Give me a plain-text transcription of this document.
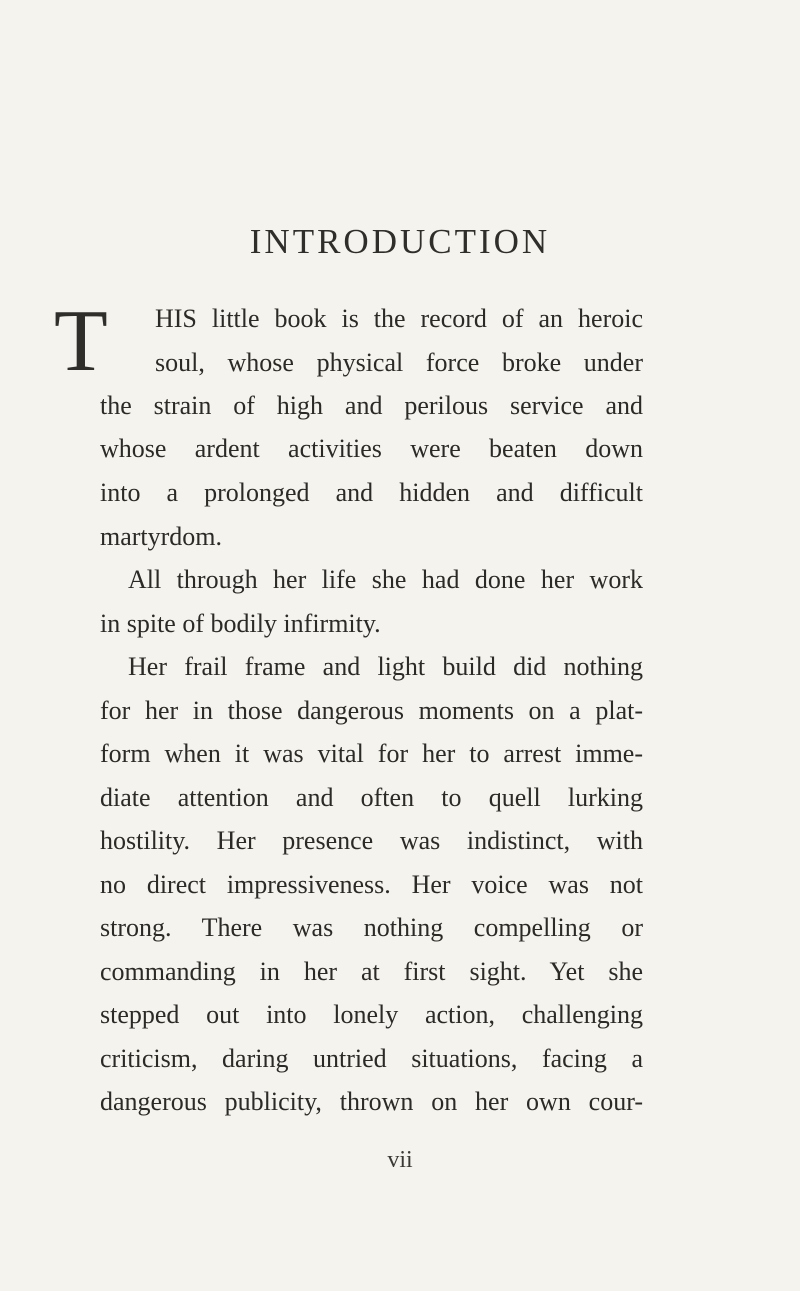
INTRODUCTION
T HIS little book is the record of an heroic
soul, whose physical force broke under
the strain of high and perilous service and
whose ardent activities were beaten down
into a prolonged and hidden and difficult
martyrdom.
All through her life she had done her work
in spite of bodily infirmity.
Her frail frame and light build did nothing
for her in those dangerous moments on a plat-
form when it was vital for her to arrest imme-
diate attention and often to quell lurking
hostility. Her presence was indistinct, with
no direct impressiveness. Her voice was not
strong. There was nothing compelling or
commanding in her at first sight. Yet she
stepped out into lonely action, challenging
criticism, daring untried situations, facing a
dangerous publicity, thrown on her own cour-
vii
